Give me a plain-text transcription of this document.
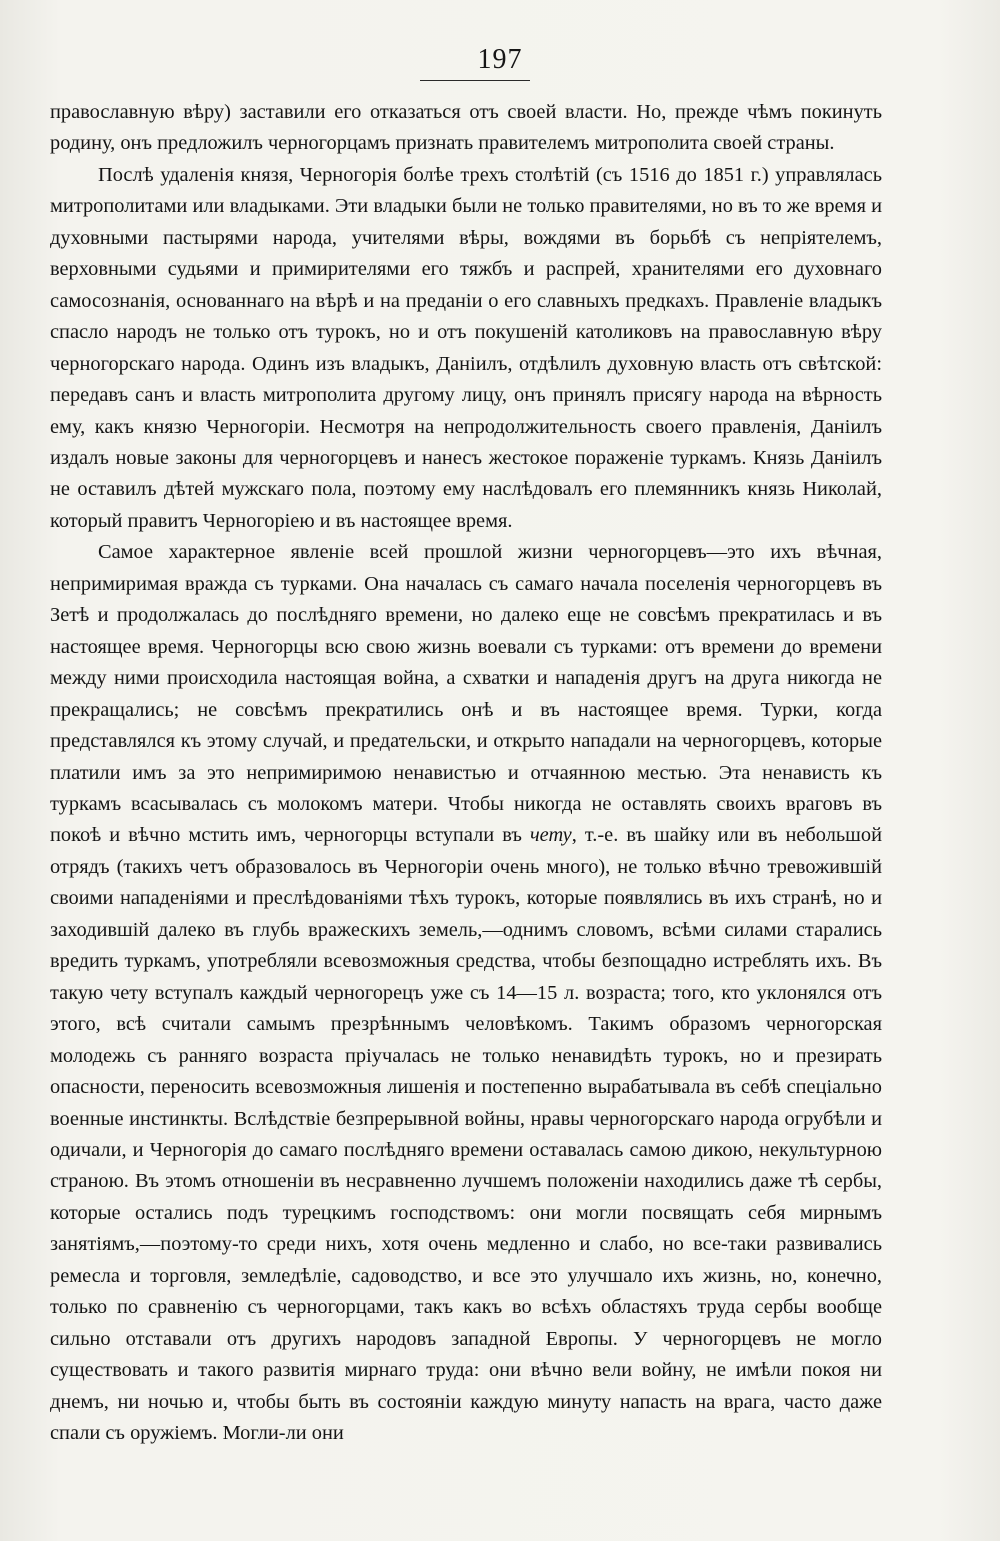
197

православную вѣру) заставили его отказаться отъ своей власти. Но, прежде чѣмъ покинуть родину, онъ предложилъ черногорцамъ признать правителемъ митрополита своей страны.

Послѣ удаленія князя, Черногорія болѣе трехъ столѣтій (съ 1516 до 1851 г.) управлялась митрополитами или владыками. Эти владыки были не только правителями, но въ то же время и духовными пастырями народа, учителями вѣры, вождями въ борьбѣ съ непріятелемъ, верховными судьями и примирителями его тяжбъ и распрей, хранителями его духовнаго самосознанія, основаннаго на вѣрѣ и на преданіи о его славныхъ предкахъ. Правленіе владыкъ спасло народъ не только отъ турокъ, но и отъ покушеній католиковъ на православную вѣру черногорскаго народа. Одинъ изъ владыкъ, Даніилъ, отдѣлилъ духовную власть отъ свѣтской: передавъ санъ и власть митрополита другому лицу, онъ принялъ присягу народа на вѣрность ему, какъ князю Черногоріи. Несмотря на непродолжительность своего правленія, Даніилъ издалъ новые законы для черногорцевъ и нанесъ жестокое пораженіе туркамъ. Князь Даніилъ не оставилъ дѣтей мужскаго пола, поэтому ему наслѣдовалъ его племянникъ князь Николай, который правитъ Черногоріею и въ настоящее время.

Самое характерное явленіе всей прошлой жизни черногорцевъ—это ихъ вѣчная, непримиримая вражда съ турками. Она началась съ самаго начала поселенія черногорцевъ въ Зетѣ и продолжалась до послѣдняго времени, но далеко еще не совсѣмъ прекратилась и въ настоящее время. Черногорцы всю свою жизнь воевали съ турками: отъ времени до времени между ними происходила настоящая война, а схватки и нападенія другъ на друга никогда не прекращались; не совсѣмъ прекратились онѣ и въ настоящее время. Турки, когда представлялся къ этому случай, и предательски, и открыто нападали на черногорцевъ, которые платили имъ за это непримиримою ненавистью и отчаянною местью. Эта ненависть къ туркамъ всасывалась съ молокомъ матери. Чтобы никогда не оставлять своихъ враговъ въ покоѣ и вѣчно мстить имъ, черногорцы вступали въ чету, т.-е. въ шайку или въ небольшой отрядъ (такихъ четъ образовалось въ Черногоріи очень много), не только вѣчно тревожившій своими нападеніями и преслѣдованіями тѣхъ турокъ, которые появлялись въ ихъ странѣ, но и заходившій далеко въ глубь вражескихъ земель,—однимъ словомъ, всѣми силами старались вредить туркамъ, употребляли всевозможныя средства, чтобы безпощадно истреблять ихъ. Въ такую чету вступалъ каждый черногорецъ уже съ 14—15 л. возраста; того, кто уклонялся отъ этого, всѣ считали самымъ презрѣннымъ человѣкомъ. Такимъ образомъ черногорская молодежь съ ранняго возраста пріучалась не только ненавидѣть турокъ, но и презирать опасности, переносить всевозможныя лишенія и постепенно вырабатывала въ себѣ спеціально военные инстинкты. Вслѣдствіе безпрерывной войны, нравы черногорскаго народа огрубѣли и одичали, и Черногорія до самаго послѣдняго времени оставалась самою дикою, некультурною страною. Въ этомъ отношеніи въ несравненно лучшемъ положеніи находились даже тѣ сербы, которые остались подъ турецкимъ господствомъ: они могли посвящать себя мирнымъ занятіямъ,—поэтому-то среди нихъ, хотя очень медленно и слабо, но все-таки развивались ремесла и торговля, земледѣліе, садоводство, и все это улучшало ихъ жизнь, но, конечно, только по сравненію съ черногорцами, такъ какъ во всѣхъ областяхъ труда сербы вообще сильно отставали отъ другихъ народовъ западной Европы. У черногорцевъ не могло существовать и такого развитія мирнаго труда: они вѣчно вели войну, не имѣли покоя ни днемъ, ни ночью и, чтобы быть въ состояніи каждую минуту напасть на врага, часто даже спали съ оружіемъ. Могли-ли они
